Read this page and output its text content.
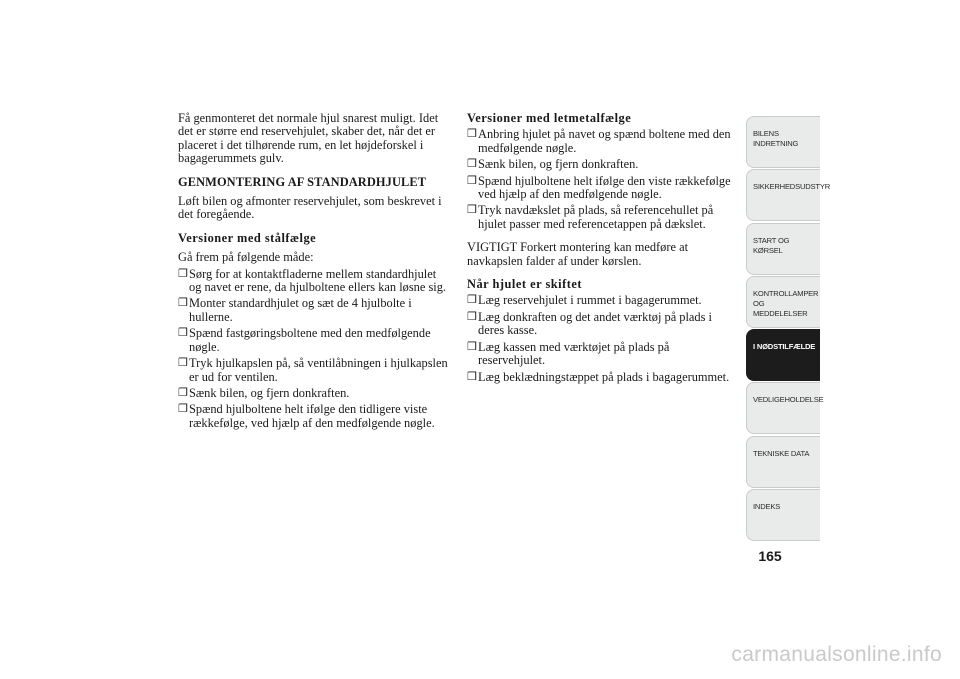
Få genmonteret det normale hjul snarest muligt. Idet det er større end reservehjulet, skaber det, når det er placeret i det tilhørende rum, en let højdeforskel i bagagerummets gulv.

GENMONTERING AF STANDARDHJULET

Løft bilen og afmonter reservehjulet, som beskrevet i det foregående.

Versioner med stålfælge

Gå frem på følgende måde:

❒ Sørg for at kontaktfladerne mellem standardhjulet og navet er rene, da hjulboltene ellers kan løsne sig.
❒ Monter standardhjulet og sæt de 4 hjulbolte i hullerne.
❒ Spænd fastgøringsboltene med den medfølgende nøgle.
❒ Tryk hjulkapslen på, så ventilåbningen i hjulkapslen er ud for ventilen.
❒ Sænk bilen, og fjern donkraften.
❒ Spænd hjulboltene helt ifølge den tidligere viste rækkefølge, ved hjælp af den medfølgende nøgle.

Versioner med letmetalfælge

❒ Anbring hjulet på navet og spænd boltene med den medfølgende nøgle.
❒ Sænk bilen, og fjern donkraften.
❒ Spænd hjulboltene helt ifølge den viste rækkefølge ved hjælp af den medfølgende nøgle.
❒ Tryk navdækslet på plads, så referencehullet på hjulet passer med referencetappen på dækslet.

VIGTIGT Forkert montering kan medføre at navkapslen falder af under kørslen.

Når hjulet er skiftet

❒ Læg reservehjulet i rummet i bagagerummet.
❒ Læg donkraften og det andet værktøj på plads i deres kasse.
❒ Læg kassen med værktøjet på plads på reservehjulet.
❒ Læg beklædningstæppet på plads i bagagerummet.
BILENS
INDRETNING
SIKKERHEDSUDSTYR
START OG KØRSEL
KONTROLLAMPER
OG MEDDELELSER
I NØDSTILFÆLDE
VEDLIGEHOLDELSE
TEKNISKE DATA
INDEKS
165
carmanualsonline.info
